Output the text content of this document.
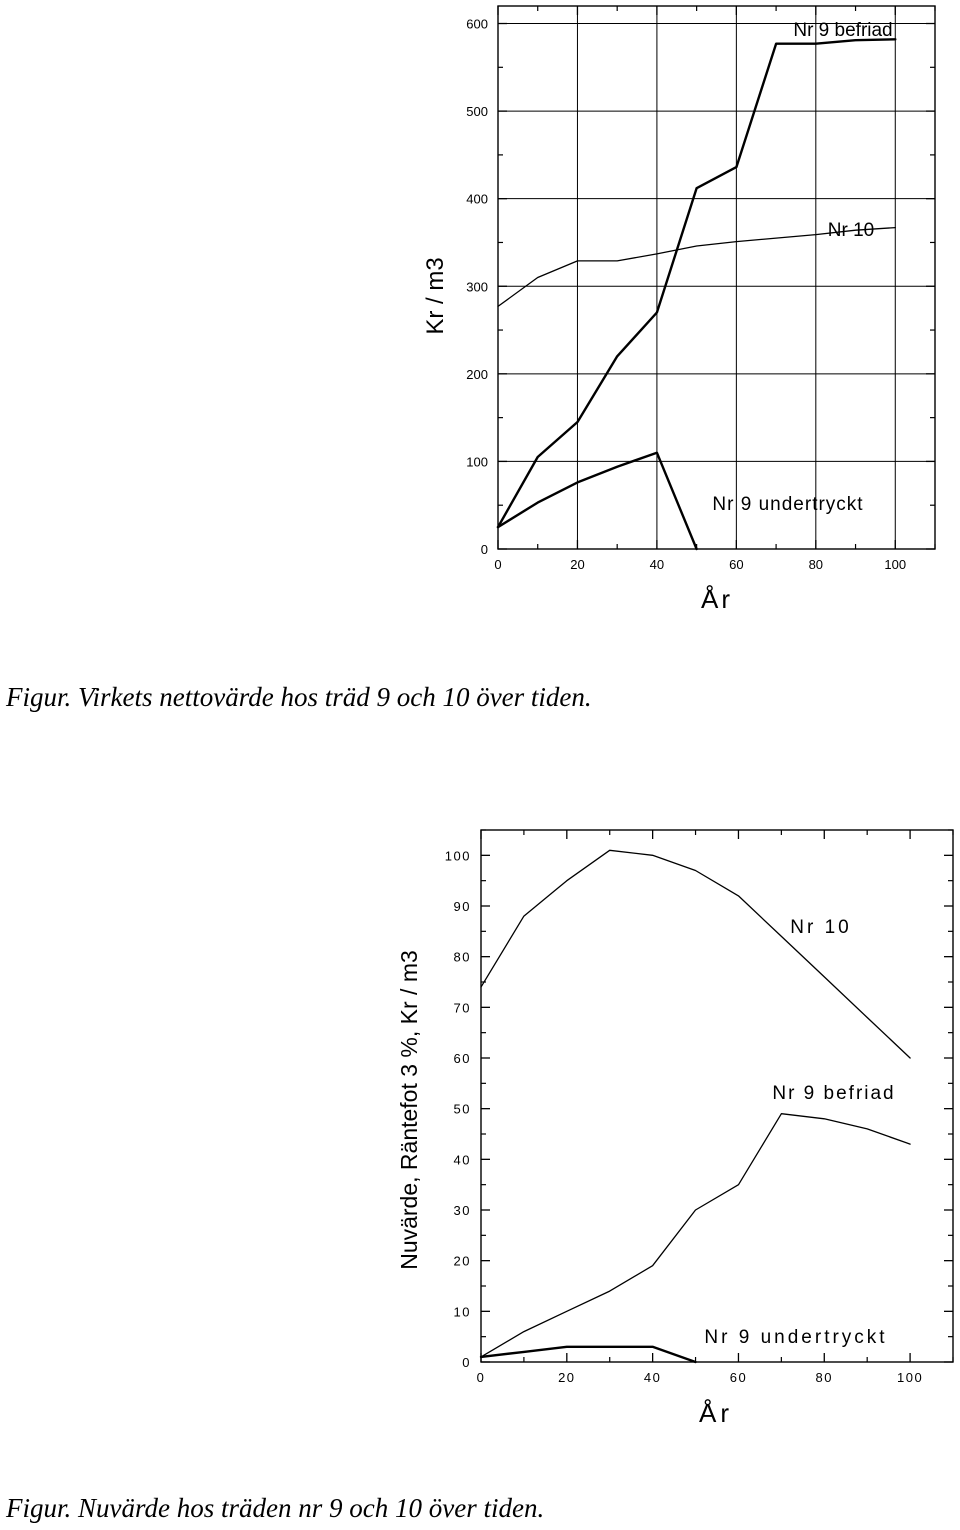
0
100
200
300
400
500
600
0	20	40	60	80	100
Kr / m3
År
Nr 9 befriad
Nr 10
Nr 9 undertryckt
0
10
20
30
40
50
60
70
80
90
100
0	20	40	60	80	100
Nuvärde, Räntefot 3 %, Kr / m3
År
Nr 10
Nr 9 befriad
Nr 9 undertryckt
Figur. Virkets nettovärde hos träd 9 och 10 över tiden.
Figur. Nuvärde hos träden nr 9 och 10 över tiden.
